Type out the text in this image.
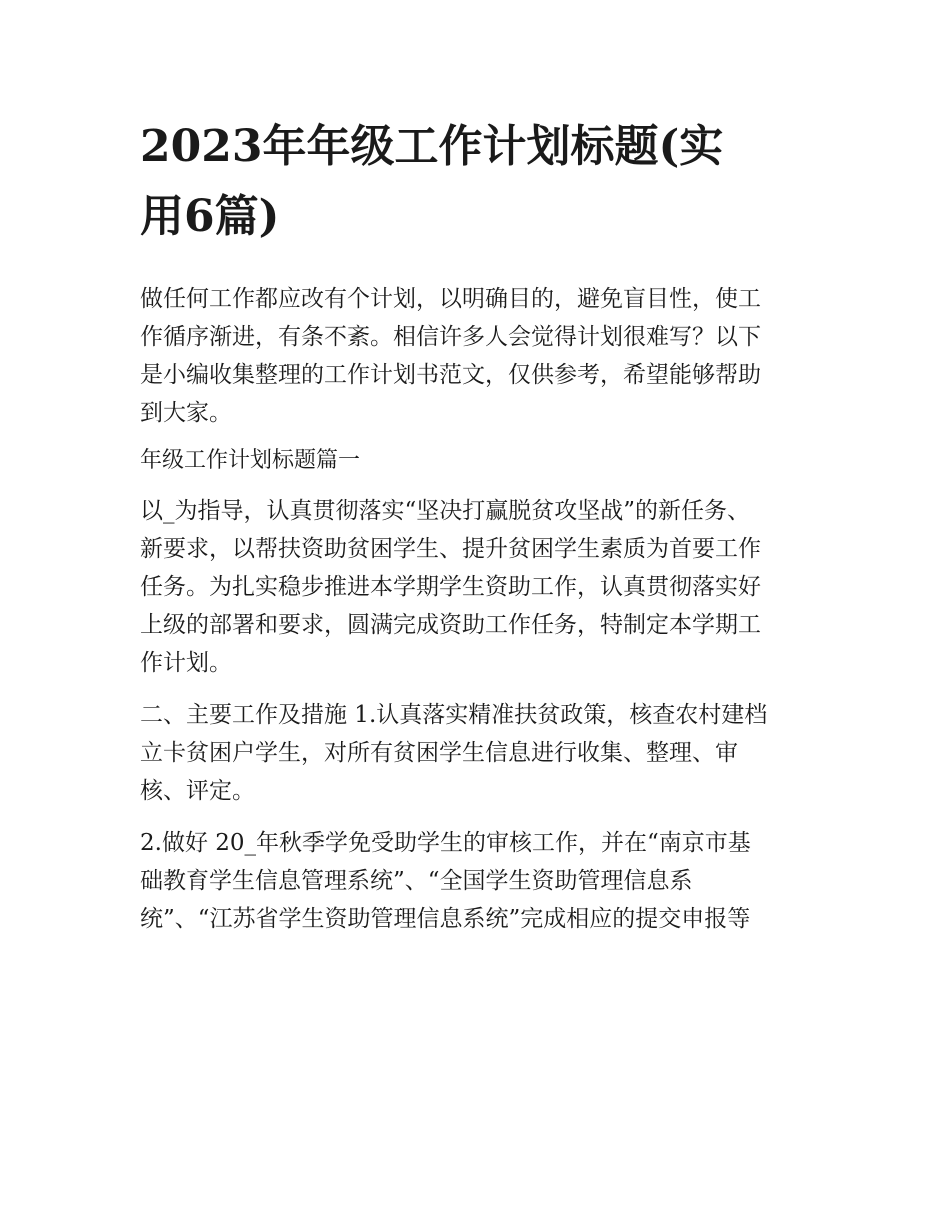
2023年年级工作计划标题(实
用6篇)
做任何工作都应改有个计划，以明确目的，避免盲目性，使工
作循序渐进，有条不紊。相信许多人会觉得计划很难写？以下
是小编收集整理的工作计划书范文，仅供参考，希望能够帮助
到大家。
年级工作计划标题篇一
以_为指导，认真贯彻落实“坚决打赢脱贫攻坚战”的新任务、
新要求，以帮扶资助贫困学生、提升贫困学生素质为首要工作
任务。为扎实稳步推进本学期学生资助工作，认真贯彻落实好
上级的部署和要求，圆满完成资助工作任务，特制定本学期工
作计划。
二、主要工作及措施 1.认真落实精准扶贫政策，核查农村建档
立卡贫困户学生，对所有贫困学生信息进行收集、整理、审
核、评定。
2.做好 20_年秋季学免受助学生的审核工作，并在“南京市基
础教育学生信息管理系统”、“全国学生资助管理信息系
统”、“江苏省学生资助管理信息系统”完成相应的提交申报等
